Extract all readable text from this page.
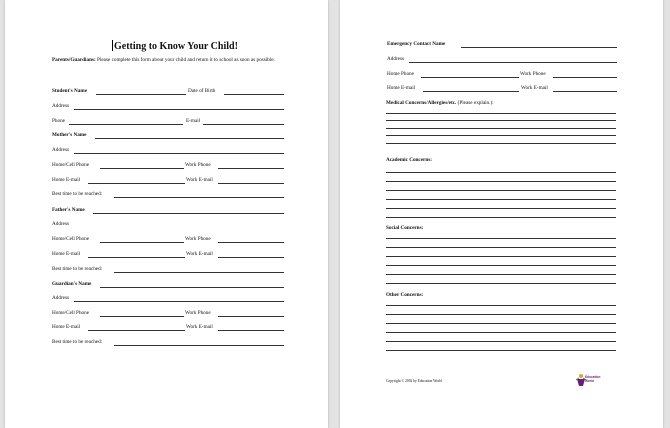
Getting to Know Your Child!
Parents/Guardians: Please complete this form about your child and return it to school as soon as possible.
Student's Name	Date of Birth
Address
Phone	E-mail
Mother's Name
Address
Home/Cell Phone	Work Phone
Home E-mail	Work E-mail
Best time to be reached:
Father's Name
Address
Home/Cell Phone	Work Phone
Home E-mail	Work E-mail
Best time to be reached:
Guardian's Name
Address
Home/Cell Phone	Work Phone
Home E-mail	Work E-mail
Best time to be reached:
Emergency Contact Name
Address
Home Phone	Work Phone
Home E-mail	Work E-mail
Medical Concerns/Allergies/etc. (Please explain.):
Academic Concerns:
Social Concerns:
Other Concerns:
Copyright © 2002 by Education World
Education
World
